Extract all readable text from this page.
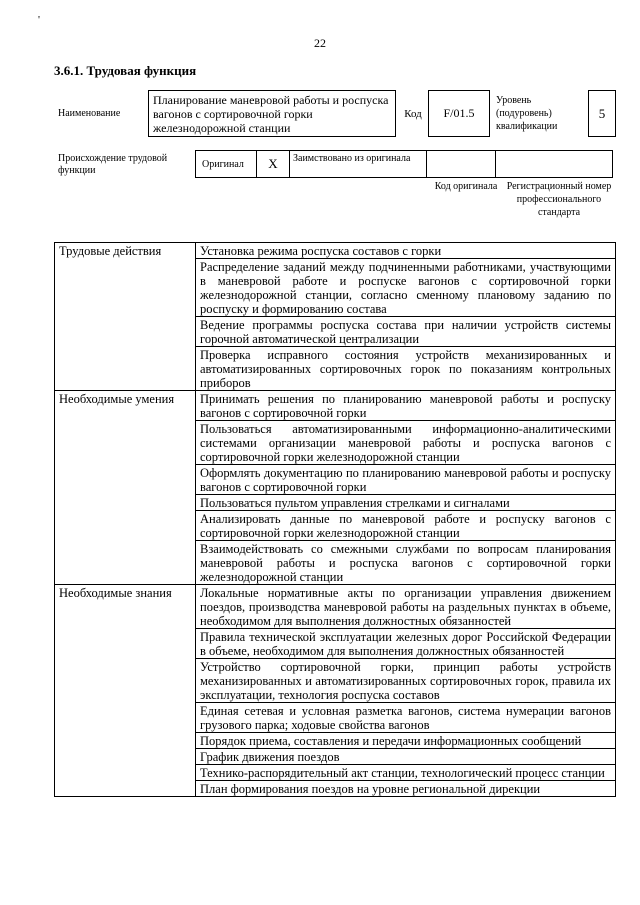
'
22
3.6.1. Трудовая функция
Наименование
Планирование маневровой работы и роспуска вагонов с сортировочной горки железнодорожной станции
Код	F/01.5
Уровень (подуровень) квалификации
5
Происхождение трудовой функции
Оригинал	X	Заимствовано из оригинала
Код оригинала Регистрационный номер профессионального стандарта
Трудовые действия	Установка режима роспуска составов с горки
	Распределение заданий между подчиненными работниками, участвующими в маневровой работе и роспуске вагонов с сортировочной горки железнодорожной станции, согласно сменному плановому заданию по роспуску и формированию состава
	Ведение программы роспуска состава при наличии устройств системы горочной автоматической централизации
	Проверка исправного состояния устройств механизированных и автоматизированных сортировочных горок по показаниям контрольных приборов
Необходимые умения	Принимать решения по планированию маневровой работы и роспуску вагонов с сортировочной горки
	Пользоваться автоматизированными информационно-аналитическими системами организации маневровой работы и роспуска вагонов с сортировочной горки железнодорожной станции
	Оформлять документацию по планированию маневровой работы и роспуску вагонов с сортировочной горки
	Пользоваться пультом управления стрелками и сигналами
	Анализировать данные по маневровой работе и роспуску вагонов с сортировочной горки железнодорожной станции
	Взаимодействовать со смежными службами по вопросам планирования маневровой работы и роспуска вагонов с сортировочной горки железнодорожной станции
Необходимые знания	Локальные нормативные акты по организации управления движением поездов, производства маневровой работы на раздельных пунктах в объеме, необходимом для выполнения должностных обязанностей
	Правила технической эксплуатации железных дорог Российской Федерации в объеме, необходимом для выполнения должностных обязанностей
	Устройство сортировочной горки, принцип работы устройств механизированных и автоматизированных сортировочных горок, правила их эксплуатации, технология роспуска составов
	Единая сетевая и условная разметка вагонов, система нумерации вагонов грузового парка; ходовые свойства вагонов
	Порядок приема, составления и передачи информационных сообщений
	График движения поездов
	Технико-распорядительный акт станции, технологический процесс станции
	План формирования поездов на уровне региональной дирекции
